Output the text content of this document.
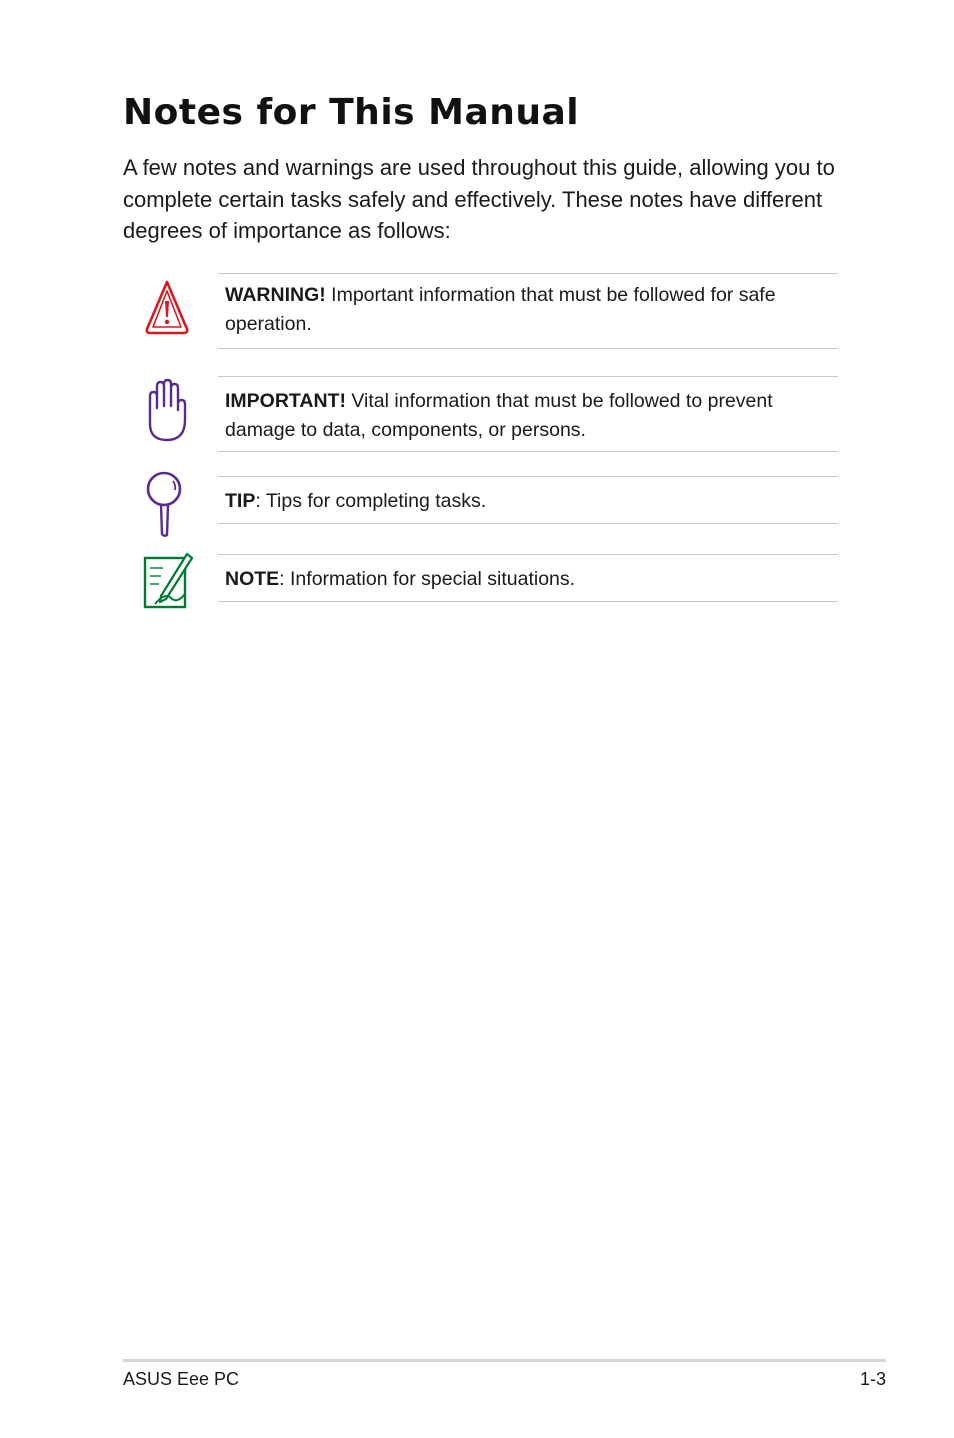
Notes for This Manual

A few notes and warnings are used throughout this guide, allowing you to complete certain tasks safely and effectively. These notes have different degrees of importance as follows:

WARNING! Important information that must be followed for safe operation.

IMPORTANT! Vital information that must be followed to prevent damage to data, components, or persons.

TIP: Tips for completing tasks.

NOTE: Information for special situations.

ASUS Eee PC	1-3
